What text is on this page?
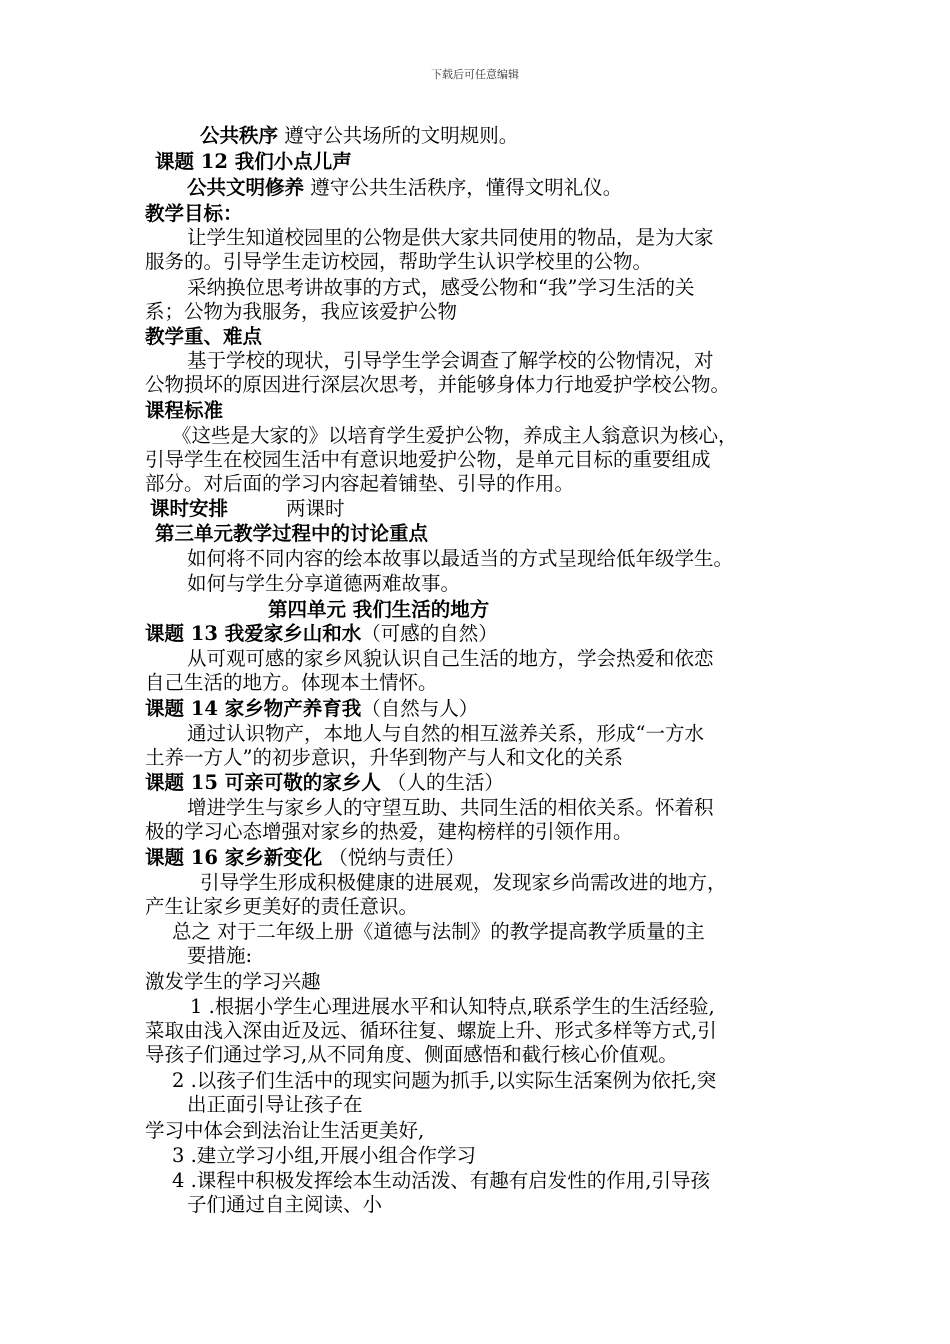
下载后可任意编辑
公共秩序 遵守公共场所的文明规则。
课题 12 我们小点儿声
公共文明修养 遵守公共生活秩序，懂得文明礼仪。
教学目标：
让学生知道校园里的公物是供大家共同使用的物品，是为大家
服务的。引导学生走访校园，帮助学生认识学校里的公物。
采纳换位思考讲故事的方式，感受公物和“我”学习生活的关
系；公物为我服务，我应该爱护公物
教学重、难点
基于学校的现状，引导学生学会调查了解学校的公物情况，对
公物损坏的原因进行深层次思考，并能够身体力行地爱护学校公物。
课程标准
《这些是大家的》以培育学生爱护公物，养成主人翁意识为核心，
引导学生在校园生活中有意识地爱护公物，是单元目标的重要组成
部分。对后面的学习内容起着铺垫、引导的作用。
课时安排	两课时
第三单元教学过程中的讨论重点
如何将不同内容的绘本故事以最适当的方式呈现给低年级学生。
如何与学生分享道德两难故事。
第四单元 我们生活的地方
课题 13 我爱家乡山和水（可感的自然）
从可观可感的家乡风貌认识自己生活的地方，学会热爱和依恋
自己生活的地方。体现本土情怀。
课题 14 家乡物产养育我（自然与人）
通过认识物产，本地人与自然的相互滋养关系，形成“一方水
土养一方人”的初步意识，升华到物产与人和文化的关系
课题 15 可亲可敬的家乡人 （人的生活）
增进学生与家乡人的守望互助、共同生活的相依关系。怀着积
极的学习心态增强对家乡的热爱，建构榜样的引领作用。
课题 16 家乡新变化 （悦纳与责任）
引导学生形成积极健康的进展观，发现家乡尚需改进的地方，
产生让家乡更美好的责任意识。
总之 对于二年级上册《道德与法制》的教学提高教学质量的主
要措施:
激发学生的学习兴趣
1 .根据小学生心理进展水平和认知特点,联系学生的生活经验,
菜取由浅入深由近及远、循环往复、螺旋上升、形式多样等方式,引
导孩子们通过学习,从不同角度、侧面感悟和截行核心价值观。
2 .以孩子们生活中的现实问题为抓手,以实际生活案例为依托,突
出正面引导让孩子在
学习中体会到法治让生活更美好,
3 .建立学习小组,开展小组合作学习
4 .课程中积极发挥绘本生动活泼、有趣有启发性的作用,引导孩
子们通过自主阅读、小
